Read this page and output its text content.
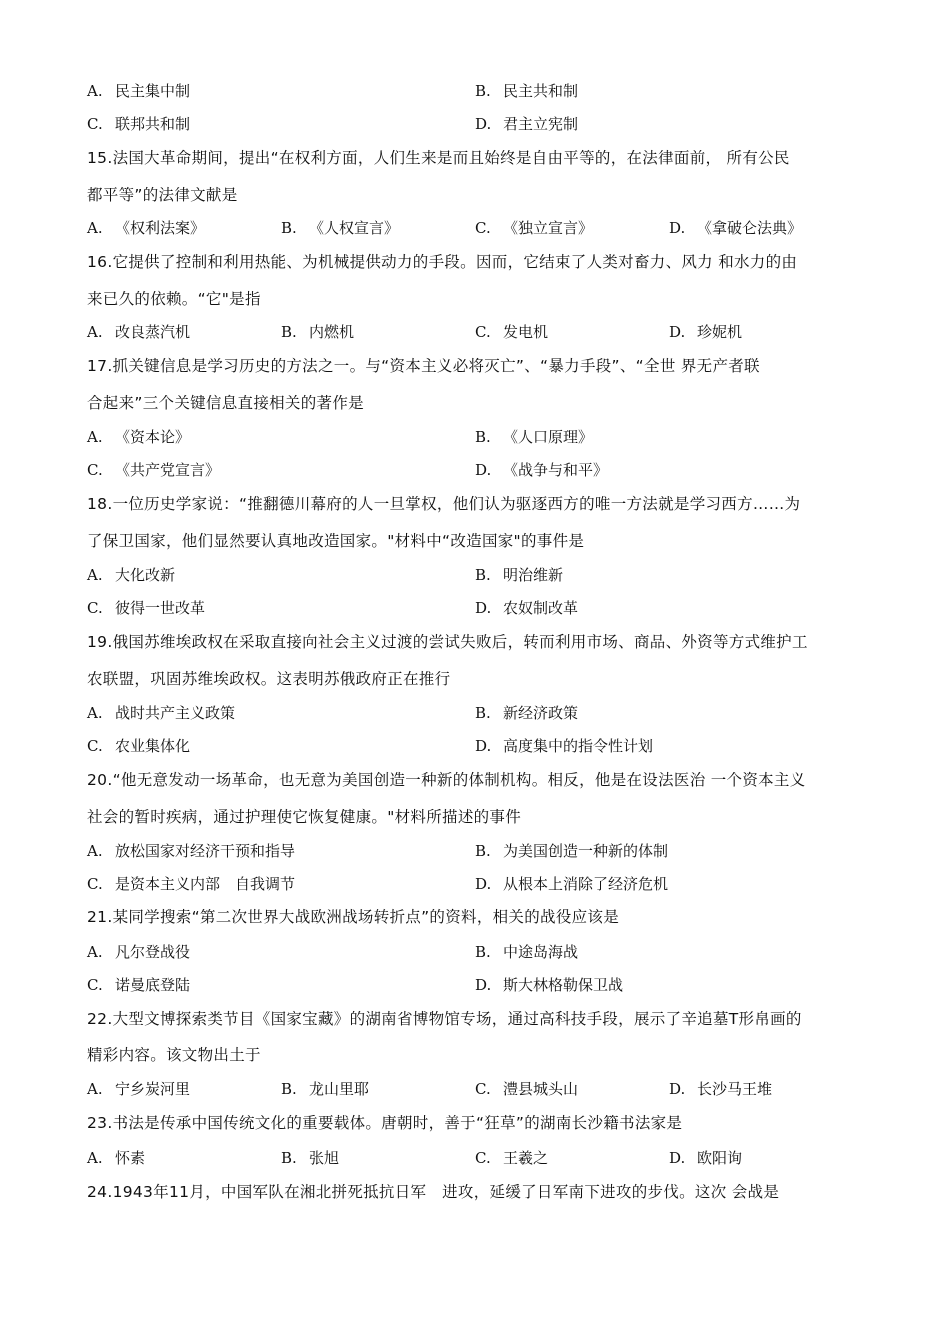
A. 民主集中制	B. 民主共和制
C. 联邦共和制	D. 君主立宪制
15.法国大革命期间，提出“在权利方面，人们生来是而且始终是自由平等的，在法律面前， 所有公民
都平等”的法律文献是
A. 《权利法案》	B. 《人权宣言》	C. 《独立宣言》	D. 《拿破仑法典》
16.它提供了控制和利用热能、为机械提供动力的手段。因而，它结束了人类对畜力、风力 和水力的由
来已久的依赖。“它"是指
A. 改良蒸汽机	B. 内燃机	C. 发电机	D. 珍妮机
17.抓关键信息是学习历史的方法之一。与“资本主义必将灭亡”、“暴力手段”、“全世 界无产者联
合起来”三个关键信息直接相关的著作是
A. 《资本论》	B. 《人口原理》
C. 《共产党宣言》	D. 《战争与和平》
18.一位历史学家说：“推翻德川幕府的人一旦掌权，他们认为驱逐西方的唯一方法就是学习西方……为
了保卫国家，他们显然要认真地改造国家。"材料中“改造国家"的事件是
A. 大化改新	B. 明治维新
C. 彼得一世改革	D. 农奴制改革
19.俄国苏维埃政权在采取直接向社会主义过渡的尝试失败后，转而利用市场、商品、外资等方式维护工
农联盟，巩固苏维埃政权。这表明苏俄政府正在推行
A. 战时共产主义政策	B. 新经济政策
C. 农业集体化	D. 高度集中的指令性计划
20.“他无意发动一场革命，也无意为美国创造一种新的体制机构。相反，他是在设法医治 一个资本主义
社会的暂时疾病，通过护理使它恢复健康。"材料所描述的事件
A. 放松国家对经济干预和指导	B. 为美国创造一种新的体制
C. 是资本主义内部　自我调节	D. 从根本上消除了经济危机
21.某同学搜索“第二次世界大战欧洲战场转折点”的资料，相关的战役应该是
A. 凡尔登战役	B. 中途岛海战
C. 诺曼底登陆	D. 斯大林格勒保卫战
22.大型文博探索类节目《国家宝藏》的湖南省博物馆专场，通过高科技手段，展示了辛追墓T形帛画的
精彩内容。该文物出土于
A. 宁乡炭河里	B. 龙山里耶	C. 澧县城头山	D. 长沙马王堆
23.书法是传承中国传统文化的重要载体。唐朝时，善于“狂草”的湖南长沙籍书法家是
A. 怀素	B. 张旭	C. 王羲之	D. 欧阳询
24.1943年11月，中国军队在湘北拼死抵抗日军　进攻，延缓了日军南下进攻的步伐。这次 会战是
